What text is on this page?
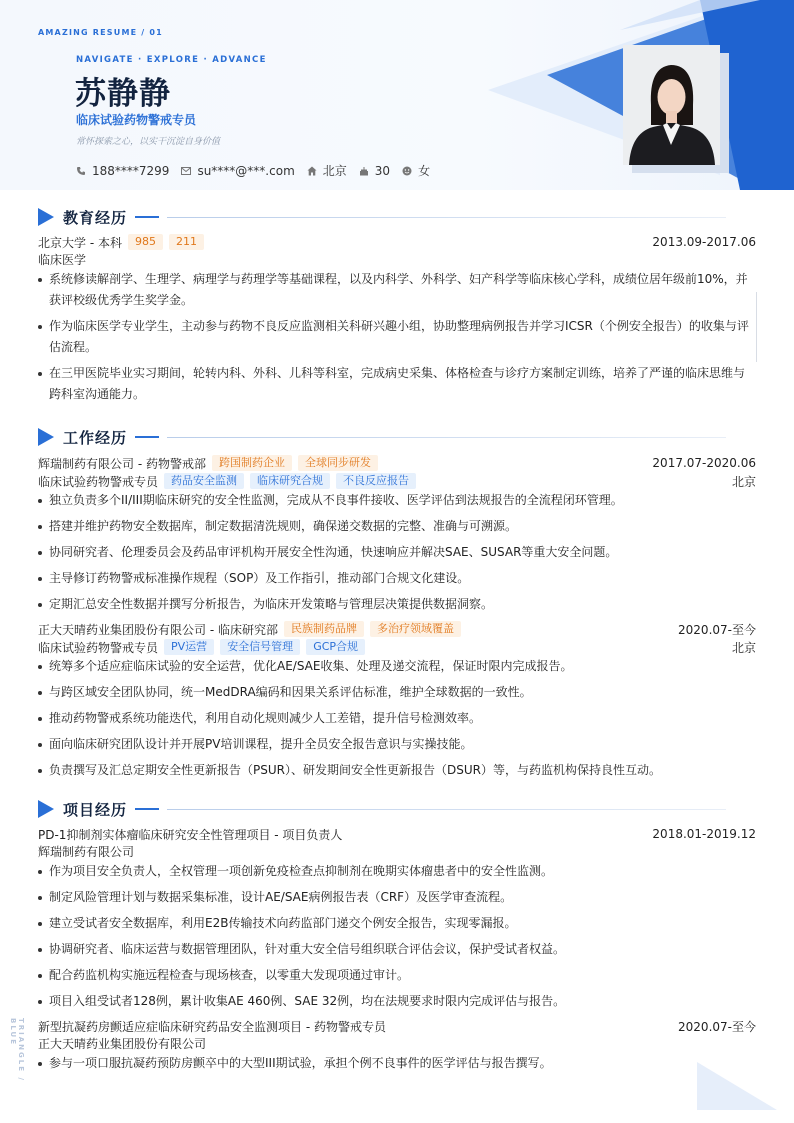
AMAZING RESUME / 01
NAVIGATE · EXPLORE · ADVANCE
苏静静
临床试验药物警戒专员
常怀探索之心，以实干沉淀自身价值
188****7299 su****@***.com 北京 30 女
教育经历
北京大学 - 本科	985	211	2013.09-2017.06
临床医学
系统修读解剖学、生理学、病理学与药理学等基础课程，以及内科学、外科学、妇产科学等临床核心学科，成绩位居年级前10%，并获评校级优秀学生奖学金。
作为临床医学专业学生，主动参与药物不良反应监测相关科研兴趣小组，协助整理病例报告并学习ICSR（个例安全报告）的收集与评估流程。
在三甲医院毕业实习期间，轮转内科、外科、儿科等科室，完成病史采集、体格检查与诊疗方案制定训练，培养了严谨的临床思维与跨科室沟通能力。
工作经历
辉瑞制药有限公司 - 药物警戒部	跨国制药企业	全球同步研发	2017.07-2020.06
临床试验药物警戒专员	药品安全监测	临床研究合规	不良反应报告	北京
独立负责多个II/III期临床研究的安全性监测，完成从不良事件接收、医学评估到法规报告的全流程闭环管理。
搭建并维护药物安全数据库，制定数据清洗规则，确保递交数据的完整、准确与可溯源。
协同研究者、伦理委员会及药品审评机构开展安全性沟通，快速响应并解决SAE、SUSAR等重大安全问题。
主导修订药物警戒标准操作规程（SOP）及工作指引，推动部门合规文化建设。
定期汇总安全性数据并撰写分析报告，为临床开发策略与管理层决策提供数据洞察。
正大天晴药业集团股份有限公司 - 临床研究部	民族制药品牌	多治疗领域覆盖	2020.07-至今
临床试验药物警戒专员	PV运营	安全信号管理	GCP合规	北京
统筹多个适应症临床试验的安全运营，优化AE/SAE收集、处理及递交流程，保证时限内完成报告。
与跨区域安全团队协同，统一MedDRA编码和因果关系评估标准，维护全球数据的一致性。
推动药物警戒系统功能迭代，利用自动化规则减少人工差错，提升信号检测效率。
面向临床研究团队设计并开展PV培训课程，提升全员安全报告意识与实操技能。
负责撰写及汇总定期安全性更新报告（PSUR）、研发期间安全性更新报告（DSUR）等，与药监机构保持良性互动。
项目经历
PD-1抑制剂实体瘤临床研究安全性管理项目 - 项目负责人	2018.01-2019.12
辉瑞制药有限公司
作为项目安全负责人，全权管理一项创新免疫检查点抑制剂在晚期实体瘤患者中的安全性监测。
制定风险管理计划与数据采集标准，设计AE/SAE病例报告表（CRF）及医学审查流程。
建立受试者安全数据库，利用E2B传输技术向药监部门递交个例安全报告，实现零漏报。
协调研究者、临床运营与数据管理团队，针对重大安全信号组织联合评估会议，保护受试者权益。
配合药监机构实施远程检查与现场核查，以零重大发现项通过审计。
项目入组受试者128例，累计收集AE 460例、SAE 32例，均在法规要求时限内完成评估与报告。
新型抗凝药房颤适应症临床研究药品安全监测项目 - 药物警戒专员	2020.07-至今
正大天晴药业集团股份有限公司
参与一项口服抗凝药预防房颤卒中的大型III期试验，承担个例不良事件的医学评估与报告撰写。
TRIANGLE / BLUE
